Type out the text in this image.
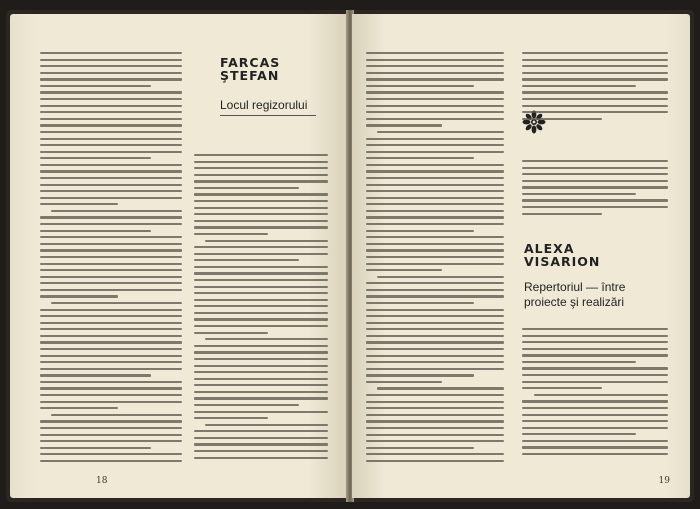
FARCAS
ŞTEFAN
Locul regizorului
18
ALEXA
VISARION
Repertoriul — între
proiecte şi realizări
19
